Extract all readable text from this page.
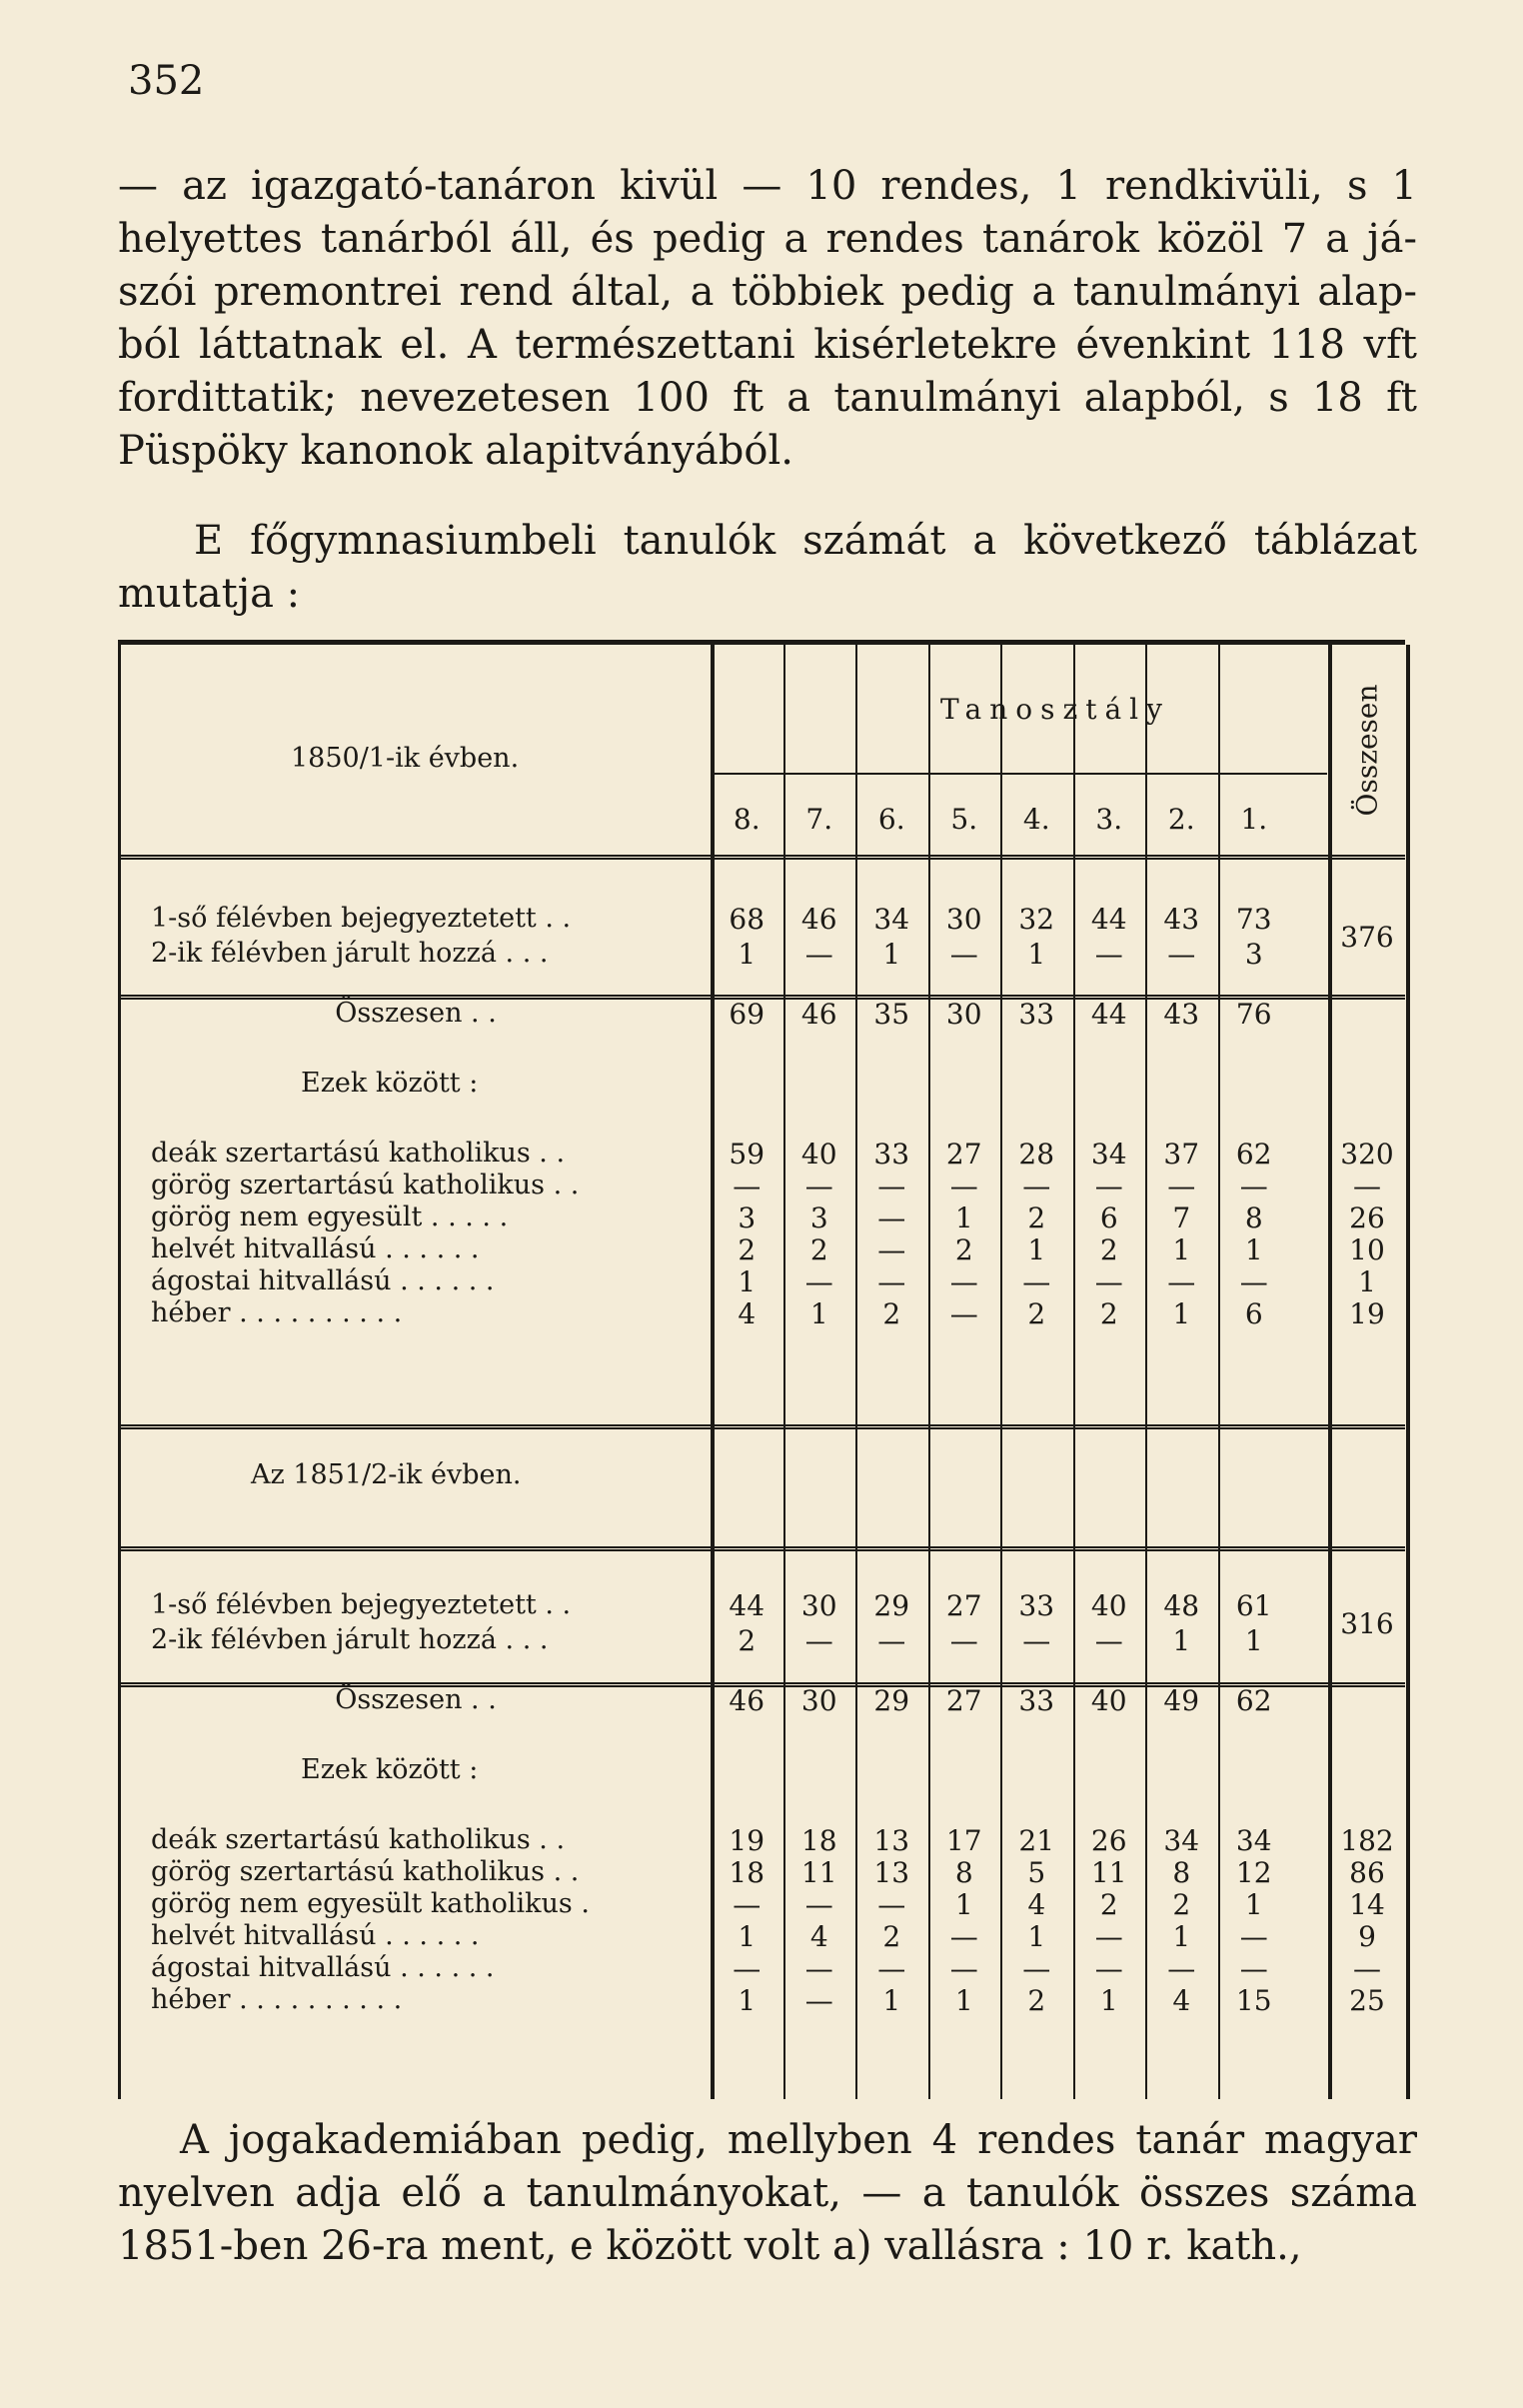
352
— az igazgató-tanáron kivül — 10 rendes, 1 rendkivüli, s 1
helyettes tanárból áll, és pedig a rendes tanárok közöl 7 a já-
szói premontrei rend által, a többiek pedig a tanulmányi alap-
ból láttatnak el. A természettani kisérletekre évenkint 118 vft
fordittatik; nevezetesen 100 ft a tanulmányi alapból, s 18 ft
Püspöky kanonok alapitványából.
E főgymnasiumbeli tanulók számát a következő táblázat
mutatja :
1850/1-ik évben.
Tanosztály	Összesen
8.	7.	6.	5.	4.	3.	2.	1.
1-ső félévben bejegyeztetett . .	68	46	34	30	32	44	43	73
2-ik félévben járult hozzá . . .	1	—	1	—	1	—	—	3
376
Összesen . .	69	46	35	30	33	44	43	76
Ezek között :
deák szertartású katholikus . .	59	40	33	27	28	34	37	62	320
görög szertartású katholikus . .	—	—	—	—	—	—	—	—	—
görög nem egyesült . . . . .	3	3	—	1	2	6	7	8	26
helvét hitvallású . . . . . .	2	2	—	2	1	2	1	1	10
ágostai hitvallású . . . . . .	1	—	—	—	—	—	—	—	1
héber . . . . . . . . . .	4	1	2	—	2	2	1	6	19
Az 1851/2-ik évben.
1-ső félévben bejegyeztetett . .	44	30	29	27	33	40	48	61
2-ik félévben járult hozzá . . .	2	—	—	—	—	—	1	1
316
Összesen . .	46	30	29	27	33	40	49	62
Ezek között :
deák szertartású katholikus . .	19	18	13	17	21	26	34	34	182
görög szertartású katholikus . .	18	11	13	8	5	11	8	12	86
görög nem egyesült katholikus .	—	—	—	1	4	2	2	1	14
helvét hitvallású . . . . . .	1	4	2	—	1	—	1	—	9
ágostai hitvallású . . . . . .	—	—	—	—	—	—	—	—	—
héber . . . . . . . . . .	1	—	1	1	2	1	4	15	25
A jogakademiában pedig, mellyben 4 rendes tanár magyar
nyelven adja elő a tanulmányokat, — a tanulók összes száma
1851-ben 26-ra ment, e között volt a) vallásra : 10 r. kath.,
